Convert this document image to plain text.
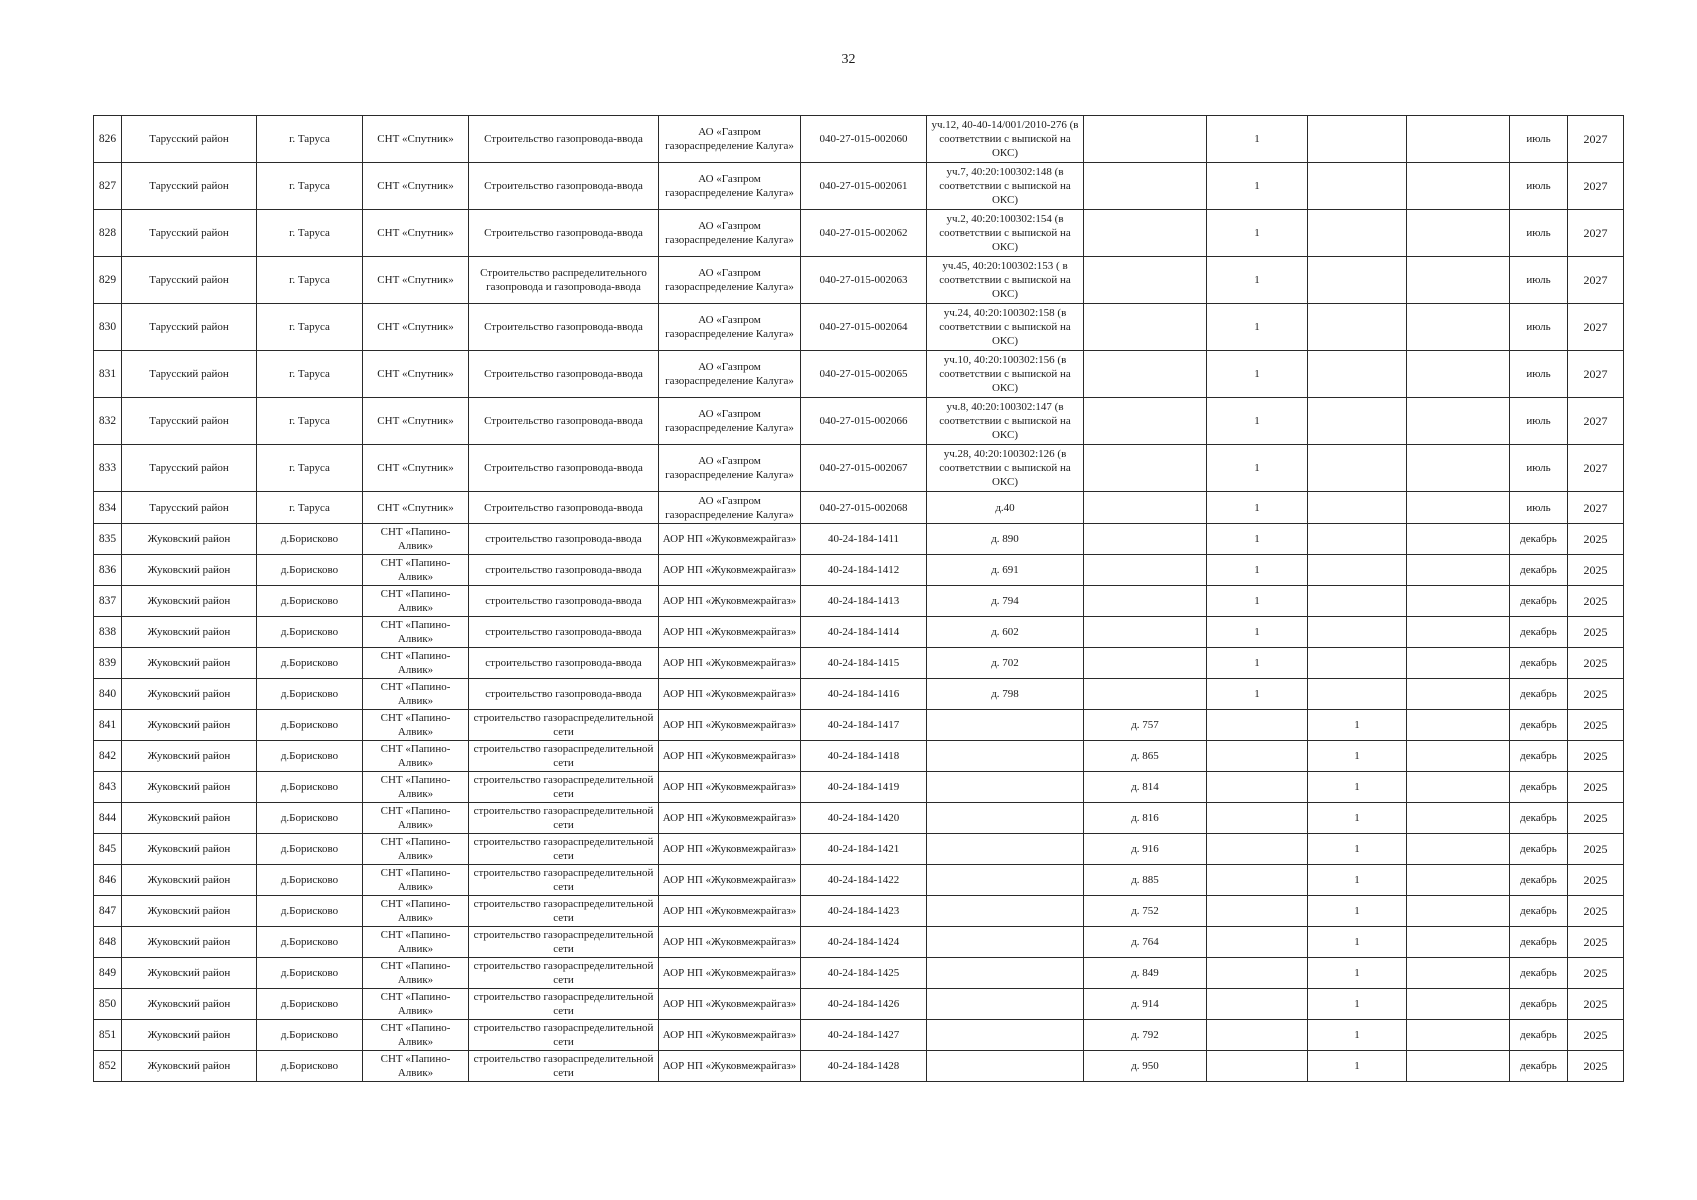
32
826	Тарусский район	г. Таруса	СНТ «Спутник»	Строительство газопровода-ввода	АО «Газпром газораспределение Калуга»	040-27-015-002060	уч.12, 40-40-14/001/2010-276 (в соответствии с выпиской на ОКС)		1			июль	2027
827	Тарусский район	г. Таруса	СНТ «Спутник»	Строительство газопровода-ввода	АО «Газпром газораспределение Калуга»	040-27-015-002061	уч.7, 40:20:100302:148 (в соответствии с выпиской на ОКС)		1			июль	2027
828	Тарусский район	г. Таруса	СНТ «Спутник»	Строительство газопровода-ввода	АО «Газпром газораспределение Калуга»	040-27-015-002062	уч.2, 40:20:100302:154 (в соответствии с выпиской на ОКС)		1			июль	2027
829	Тарусский район	г. Таруса	СНТ «Спутник»	Строительство распределительного газопровода и газопровода-ввода	АО «Газпром газораспределение Калуга»	040-27-015-002063	уч.45, 40:20:100302:153 ( в соответствии с выпиской на ОКС)		1			июль	2027
830	Тарусский район	г. Таруса	СНТ «Спутник»	Строительство газопровода-ввода	АО «Газпром газораспределение Калуга»	040-27-015-002064	уч.24, 40:20:100302:158 (в соответствии с выпиской на ОКС)		1			июль	2027
831	Тарусский район	г. Таруса	СНТ «Спутник»	Строительство газопровода-ввода	АО «Газпром газораспределение Калуга»	040-27-015-002065	уч.10, 40:20:100302:156 (в соответствии с выпиской на ОКС)		1			июль	2027
832	Тарусский район	г. Таруса	СНТ «Спутник»	Строительство газопровода-ввода	АО «Газпром газораспределение Калуга»	040-27-015-002066	уч.8, 40:20:100302:147 (в соответствии с выпиской на ОКС)		1			июль	2027
833	Тарусский район	г. Таруса	СНТ «Спутник»	Строительство газопровода-ввода	АО «Газпром газораспределение Калуга»	040-27-015-002067	уч.28, 40:20:100302:126 (в соответствии с выпиской на ОКС)		1			июль	2027
834	Тарусский район	г. Таруса	СНТ «Спутник»	Строительство газопровода-ввода	АО «Газпром газораспределение Калуга»	040-27-015-002068	д.40		1			июль	2027
835	Жуковский район	д.Борисково	СНТ «Папино-Алвик»	строительство газопровода-ввода	АОР НП «Жуковмежрайгаз»	40-24-184-1411	д. 890		1			декабрь	2025
836	Жуковский район	д.Борисково	СНТ «Папино-Алвик»	строительство газопровода-ввода	АОР НП «Жуковмежрайгаз»	40-24-184-1412	д. 691		1			декабрь	2025
837	Жуковский район	д.Борисково	СНТ «Папино-Алвик»	строительство газопровода-ввода	АОР НП «Жуковмежрайгаз»	40-24-184-1413	д. 794		1			декабрь	2025
838	Жуковский район	д.Борисково	СНТ «Папино-Алвик»	строительство газопровода-ввода	АОР НП «Жуковмежрайгаз»	40-24-184-1414	д. 602		1			декабрь	2025
839	Жуковский район	д.Борисково	СНТ «Папино-Алвик»	строительство газопровода-ввода	АОР НП «Жуковмежрайгаз»	40-24-184-1415	д. 702		1			декабрь	2025
840	Жуковский район	д.Борисково	СНТ «Папино-Алвик»	строительство газопровода-ввода	АОР НП «Жуковмежрайгаз»	40-24-184-1416	д. 798		1			декабрь	2025
841	Жуковский район	д.Борисково	СНТ «Папино-Алвик»	строительство газораспределительной сети	АОР НП «Жуковмежрайгаз»	40-24-184-1417		д. 757		1		декабрь	2025
842	Жуковский район	д.Борисково	СНТ «Папино-Алвик»	строительство газораспределительной сети	АОР НП «Жуковмежрайгаз»	40-24-184-1418		д. 865		1		декабрь	2025
843	Жуковский район	д.Борисково	СНТ «Папино-Алвик»	строительство газораспределительной сети	АОР НП «Жуковмежрайгаз»	40-24-184-1419		д. 814		1		декабрь	2025
844	Жуковский район	д.Борисково	СНТ «Папино-Алвик»	строительство газораспределительной сети	АОР НП «Жуковмежрайгаз»	40-24-184-1420		д. 816		1		декабрь	2025
845	Жуковский район	д.Борисково	СНТ «Папино-Алвик»	строительство газораспределительной сети	АОР НП «Жуковмежрайгаз»	40-24-184-1421		д. 916		1		декабрь	2025
846	Жуковский район	д.Борисково	СНТ «Папино-Алвик»	строительство газораспределительной сети	АОР НП «Жуковмежрайгаз»	40-24-184-1422		д. 885		1		декабрь	2025
847	Жуковский район	д.Борисково	СНТ «Папино-Алвик»	строительство газораспределительной сети	АОР НП «Жуковмежрайгаз»	40-24-184-1423		д. 752		1		декабрь	2025
848	Жуковский район	д.Борисково	СНТ «Папино-Алвик»	строительство газораспределительной сети	АОР НП «Жуковмежрайгаз»	40-24-184-1424		д. 764		1		декабрь	2025
849	Жуковский район	д.Борисково	СНТ «Папино-Алвик»	строительство газораспределительной сети	АОР НП «Жуковмежрайгаз»	40-24-184-1425		д. 849		1		декабрь	2025
850	Жуковский район	д.Борисково	СНТ «Папино-Алвик»	строительство газораспределительной сети	АОР НП «Жуковмежрайгаз»	40-24-184-1426		д. 914		1		декабрь	2025
851	Жуковский район	д.Борисково	СНТ «Папино-Алвик»	строительство газораспределительной сети	АОР НП «Жуковмежрайгаз»	40-24-184-1427		д. 792		1		декабрь	2025
852	Жуковский район	д.Борисково	СНТ «Папино-Алвик»	строительство газораспределительной сети	АОР НП «Жуковмежрайгаз»	40-24-184-1428		д. 950		1		декабрь	2025
